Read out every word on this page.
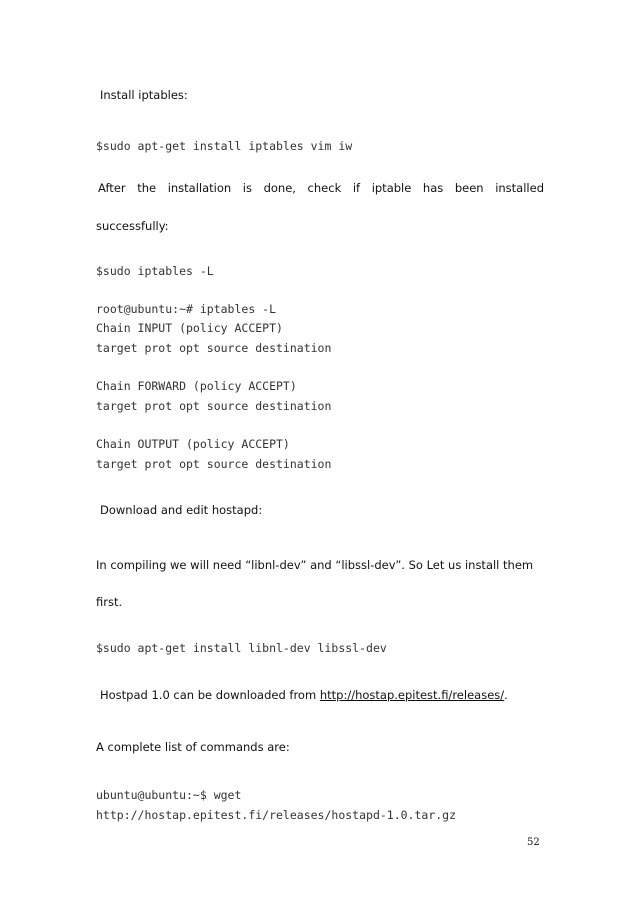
Install iptables:
$sudo apt-get install iptables vim iw
After the installation is done, check if iptable has been installed
successfully:
$sudo iptables -L
root@ubuntu:~# iptables -L
Chain INPUT (policy ACCEPT)
target prot opt source destination
Chain FORWARD (policy ACCEPT)
target prot opt source destination
Chain OUTPUT (policy ACCEPT)
target prot opt source destination
Download and edit hostapd:
In compiling we will need “libnl-dev” and “libssl-dev”. So Let us install them
first.
$sudo apt-get install libnl-dev libssl-dev
Hostpad 1.0 can be downloaded from http://hostap.epitest.fi/releases/.
A complete list of commands are:
ubuntu@ubuntu:~$ wget
http://hostap.epitest.fi/releases/hostapd-1.0.tar.gz
52
